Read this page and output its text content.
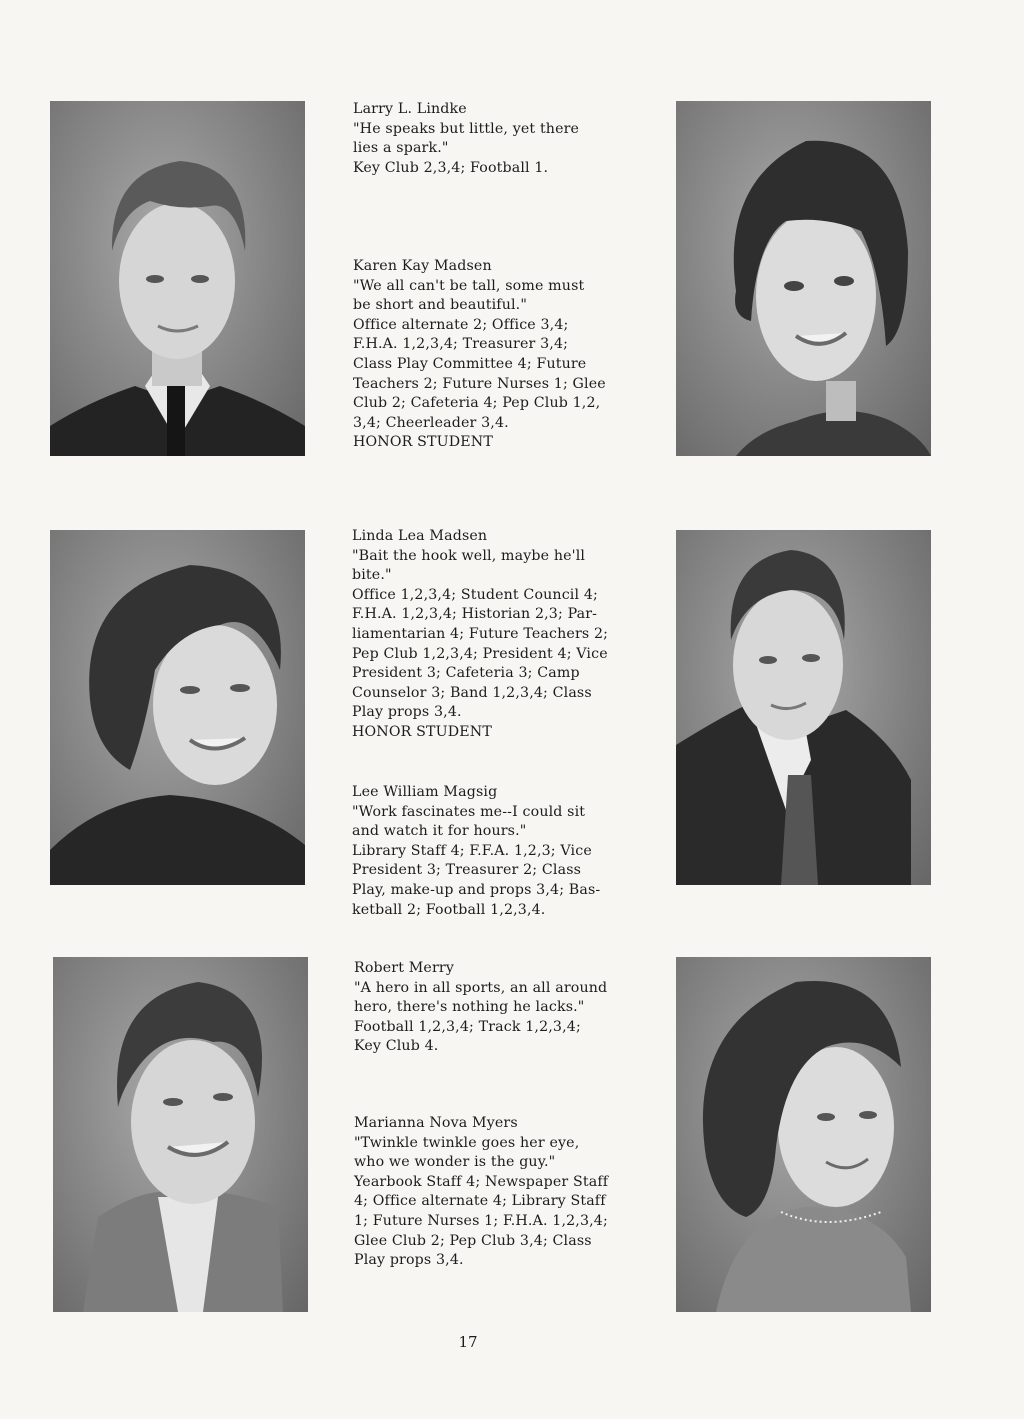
Larry L. Lindke

"He speaks but little, yet there
lies a spark."

Key Club 2,3,4; Football 1.

Karen Kay Madsen

"We all can't be tall, some must
be short and beautiful."

Office alternate 2; Office 3,4;
F.H.A. 1,2,3,4; Treasurer 3,4;
Class Play Committee 4; Future
Teachers 2; Future Nurses 1; Glee
Club 2; Cafeteria 4; Pep Club 1,2,
3,4; Cheerleader 3,4.

HONOR STUDENT

Linda Lea Madsen

"Bait the hook well, maybe he'll
bite."

Office 1,2,3,4; Student Council 4;
F.H.A. 1,2,3,4; Historian 2,3; Par-
liamentarian 4; Future Teachers 2;
Pep Club 1,2,3,4; President 4; Vice
President 3; Cafeteria 3; Camp
Counselor 3; Band 1,2,3,4; Class
Play props 3,4.

HONOR STUDENT

Lee William Magsig

"Work fascinates me--I could sit
and watch it for hours."

Library Staff 4; F.F.A. 1,2,3; Vice
President 3; Treasurer 2; Class
Play, make-up and props 3,4; Bas-
ketball 2; Football 1,2,3,4.

Robert Merry

"A hero in all sports, an all around
hero, there's nothing he lacks."

Football 1,2,3,4; Track 1,2,3,4;
Key Club 4.

Marianna Nova Myers

"Twinkle twinkle goes her eye,
who we wonder is the guy."

Yearbook Staff 4; Newspaper Staff
4; Office alternate 4; Library Staff
1; Future Nurses 1; F.H.A. 1,2,3,4;
Glee Club 2; Pep Club 3,4; Class
Play props 3,4.

17
